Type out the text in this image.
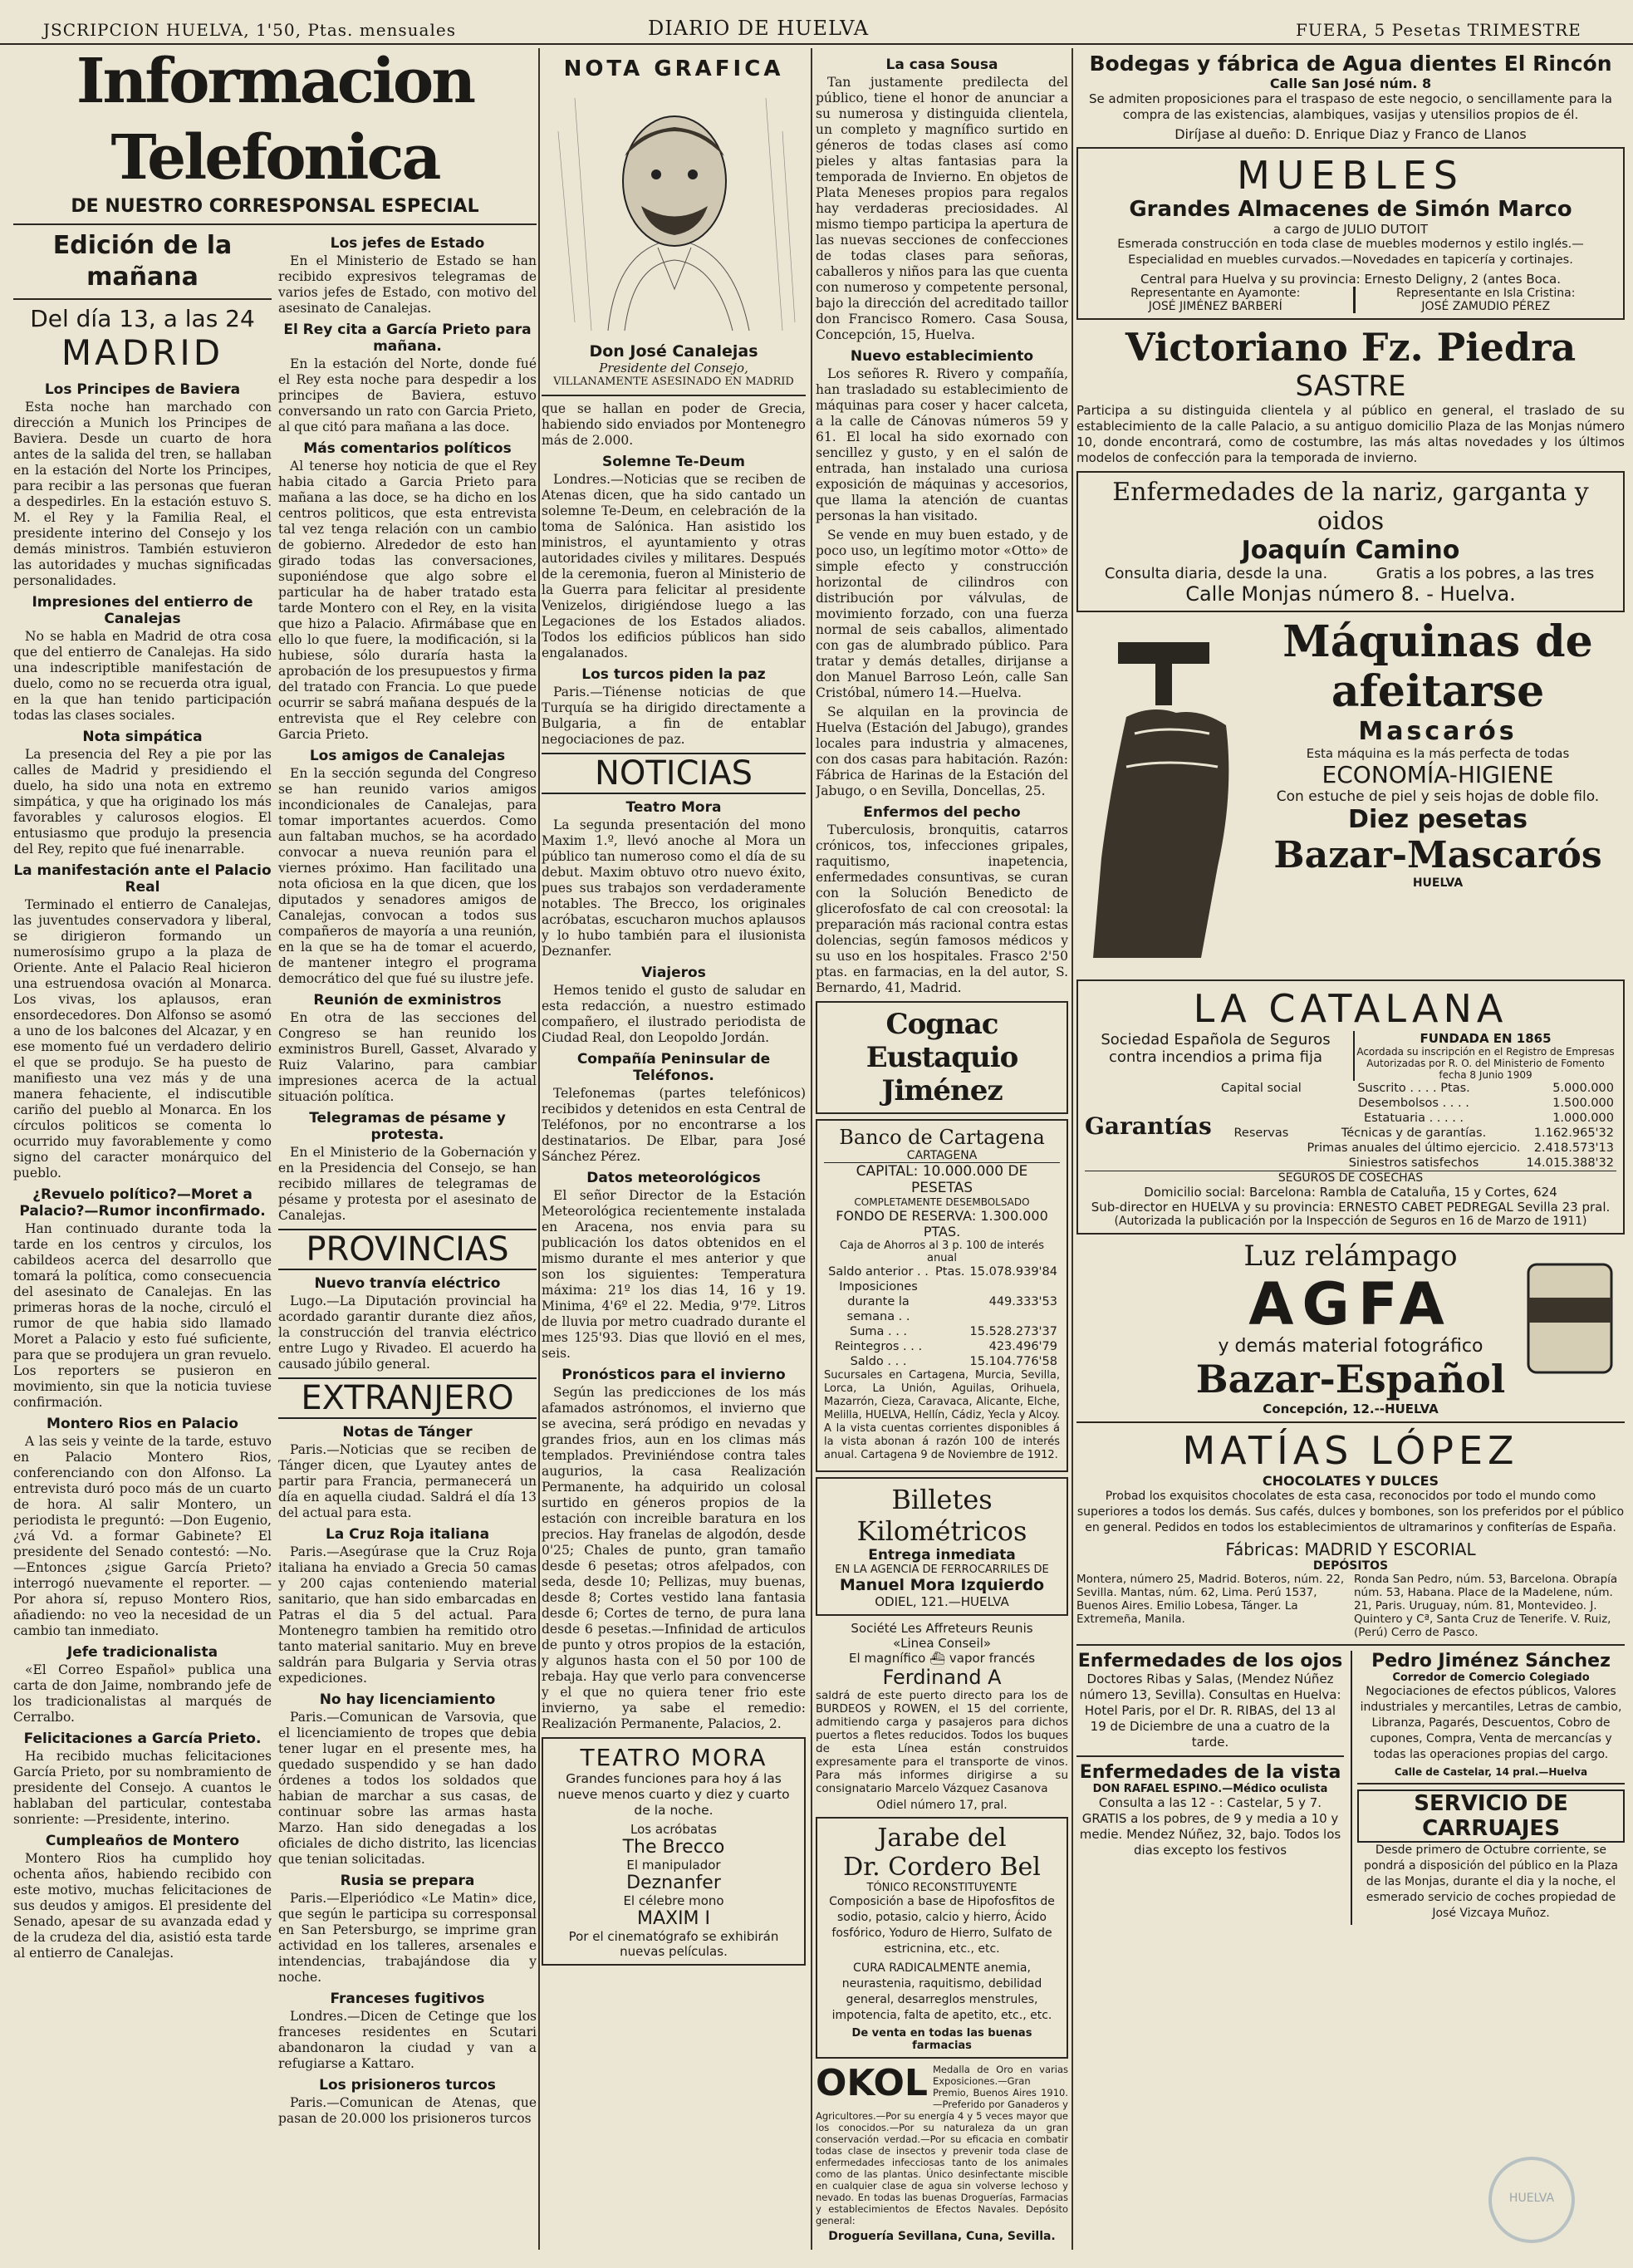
JSCRIPCION HUELVA, 1'50, Ptas. mensuales	DIARIO DE HUELVA	FUERA, 5 Pesetas TRIMESTRE
Informacion Telefonica
DE NUESTRO CORRESPONSAL ESPECIAL
Edición de la mañana
Del día 13, a las 24
MADRID
Los Principes de Baviera

Esta noche han marchado con dirección a Munich los Principes de Baviera. Desde un cuarto de hora antes de la salida del tren, se hallaban en la estación del Norte los Principes, para recibir a las personas que fueran a despedirles. En la estación estuvo S. M. el Rey y la Familia Real, el presidente interino del Consejo y los demás ministros. También estuvieron las autoridades y muchas significadas personalidades.

Impresiones del entierro de Canalejas

No se habla en Madrid de otra cosa que del entierro de Canalejas. Ha sido una indescriptible manifestación de duelo, como no se recuerda otra igual, en la que han tenido participación todas las clases sociales.

Nota simpática

La presencia del Rey a pie por las calles de Madrid y presidiendo el duelo, ha sido una nota en extremo simpática, y que ha originado los más favorables y calurosos elogios. El entusiasmo que produjo la presencia del Rey, repito que fué inenarrable.

La manifestación ante el Palacio Real

Terminado el entierro de Canalejas, las juventudes conservadora y liberal, se dirigieron formando un numerosísimo grupo a la plaza de Oriente. Ante el Palacio Real hicieron una estruendosa ovación al Monarca. Los vivas, los aplausos, eran ensordecedores. Don Alfonso se asomó a uno de los balcones del Alcazar, y en ese momento fué un verdadero delirio el que se produjo. Se ha puesto de manifiesto una vez más y de una manera fehaciente, el indiscutible cariño del pueblo al Monarca. En los círculos politicos se comenta lo ocurrido muy favorablemente y como signo del caracter monárquico del pueblo.

¿Revuelo político?—Moret a Palacio?—Rumor inconfirmado.

Han continuado durante toda la tarde en los centros y circulos, los cabildeos acerca del desarrollo que tomará la política, como consecuencia del asesinato de Canalejas. En las primeras horas de la noche, circuló el rumor de que habia sido llamado Moret a Palacio y esto fué suficiente, para que se produjera un gran revuelo. Los reporters se pusieron en movimiento, sin que la noticia tuviese confirmación.

Montero Rios en Palacio

A las seis y veinte de la tarde, estuvo en Palacio Montero Rios, conferenciando con don Alfonso. La entrevista duró poco más de un cuarto de hora. Al salir Montero, un periodista le preguntó: —Don Eugenio, ¿vá Vd. a formar Gabinete? El presidente del Senado contestó: —No. —Entonces ¿sigue García Prieto? interrogó nuevamente el reporter. —Por ahora sí, repuso Montero Rios, añadiendo: no veo la necesidad de un cambio tan inmediato.

Jefe tradicionalista

«El Correo Español» publica una carta de don Jaime, nombrando jefe de los tradicionalistas al marqués de Cerralbo.

Felicitaciones a García Prieto.

Ha recibido muchas felicitaciones García Prieto, por su nombramiento de presidente del Consejo. A cuantos le hablaban del particular, contestaba sonriente: —Presidente, interino.

Cumpleaños de Montero

Montero Rios ha cumplido hoy ochenta años, habiendo recibido con este motivo, muchas felicitaciones de sus deudos y amigos. El presidente del Senado, apesar de su avanzada edad y de la crudeza del dia, asistió esta tarde al entierro de Canalejas.

Los jefes de Estado

En el Ministerio de Estado se han recibido expresivos telegramas de varios jefes de Estado, con motivo del asesinato de Canalejas.

El Rey cita a García Prieto para mañana.

En la estación del Norte, donde fué el Rey esta noche para despedir a los principes de Baviera, estuvo conversando un rato con Garcia Prieto, al que citó para mañana a las doce.

Más comentarios políticos

Al tenerse hoy noticia de que el Rey habia citado a Garcia Prieto para mañana a las doce, se ha dicho en los centros politicos, que esta entrevista tal vez tenga relación con un cambio de gobierno. Alrededor de esto han girado todas las conversaciones, suponiéndose que algo sobre el particular ha de haber tratado esta tarde Montero con el Rey, en la visita que hizo a Palacio. Afirmábase que en ello lo que fuere, la modificación, si la hubiese, sólo duraría hasta la aprobación de los presupuestos y firma del tratado con Francia. Lo que puede ocurrir se sabrá mañana después de la entrevista que el Rey celebre con Garcia Prieto.

Los amigos de Canalejas

En la sección segunda del Congreso se han reunido varios amigos incondicionales de Canalejas, para tomar importantes acuerdos. Como aun faltaban muchos, se ha acordado convocar a nueva reunión para el viernes próximo. Han facilitado una nota oficiosa en la que dicen, que los diputados y senadores amigos de Canalejas, convocan a todos sus compañeros de mayoría a una reunión, en la que se ha de tomar el acuerdo, de mantener integro el programa democrático del que fué su ilustre jefe.

Reunión de exministros

En otra de las secciones del Congreso se han reunido los exministros Burell, Gasset, Alvarado y Ruiz Valarino, para cambiar impresiones acerca de la actual situación política.

Telegramas de pésame y protesta.

En el Ministerio de la Gobernación y en la Presidencia del Consejo, se han recibido millares de telegramas de pésame y protesta por el asesinato de Canalejas.

PROVINCIAS
Nuevo tranvía eléctrico

Lugo.—La Diputación provincial ha acordado garantir durante diez años, la construcción del tranvia eléctrico entre Lugo y Rivadeo. El acuerdo ha causado júbilo general.

EXTRANJERO
Notas de Tánger

Paris.—Noticias que se reciben de Tánger dicen, que Lyautey antes de partir para Francia, permanecerá un día en aquella ciudad. Saldrá el día 13 del actual para esta.

La Cruz Roja italiana

Paris.—Asegúrase que la Cruz Roja italiana ha enviado a Grecia 50 camas y 200 cajas conteniendo material sanitario, que han sido embarcadas en Patras el dia 5 del actual. Para Montenegro tambien ha remitido otro tanto material sanitario. Muy en breve saldrán para Bulgaria y Servia otras expediciones.

No hay licenciamiento

Paris.—Comunican de Varsovia, que el licenciamiento de tropes que debia tener lugar en el presente mes, ha quedado suspendido y se han dado órdenes a todos los soldados que habian de marchar a sus casas, de continuar sobre las armas hasta Marzo. Han sido denegadas a los oficiales de dicho distrito, las licencias que tenian solicitadas.

Rusia se prepara

Paris.—Elperiódico «Le Matin» dice, que según le participa su corresponsal en San Petersburgo, se imprime gran actividad en los talleres, arsenales e intendencias, trabajándose dia y noche.

Franceses fugitivos

Londres.—Dicen de Cetinge que los franceses residentes en Scutari abandonaron la ciudad y van a refugiarse a Kattaro.

Los prisioneros turcos

Paris.—Comunican de Atenas, que pasan de 20.000 los prisioneros turcos

NOTA GRAFICA
Don José Canalejas
Presidente del Consejo,
VILLANAMENTE ASESINADO EN MADRID

que se hallan en poder de Grecia, habiendo sido enviados por Montenegro más de 2.000.

Solemne Te-Deum

Londres.—Noticias que se reciben de Atenas dicen, que ha sido cantado un solemne Te-Deum, en celebración de la toma de Salónica. Han asistido los ministros, el ayuntamiento y otras autoridades civiles y militares. Después de la ceremonia, fueron al Ministerio de la Guerra para felicitar al presidente Venizelos, dirigiéndose luego a las Legaciones de los Estados aliados. Todos los edificios públicos han sido engalanados.

Los turcos piden la paz

Paris.—Tiénense noticias de que Turquía se ha dirigido directamente a Bulgaria, a fin de entablar negociaciones de paz.

NOTICIAS
Teatro Mora

La segunda presentación del mono Maxim 1.º, llevó anoche al Mora un público tan numeroso como el día de su debut. Maxim obtuvo otro nuevo éxito, pues sus trabajos son verdaderamente notables. The Brecco, los originales acróbatas, escucharon muchos aplausos y lo hubo también para el ilusionista Deznanfer.

Viajeros

Hemos tenido el gusto de saludar en esta redacción, a nuestro estimado compañero, el ilustrado periodista de Ciudad Real, don Leopoldo Jordán.

Compañía Peninsular de Teléfonos.

Telefonemas (partes telefónicos) recibidos y detenidos en esta Central de Teléfonos, por no encontrarse a los destinatarios. De Elbar, para José Sánchez Pérez.

Datos meteorológicos

El señor Director de la Estación Meteorológica recientemente instalada en Aracena, nos envia para su publicación los datos obtenidos en el mismo durante el mes anterior y que son los siguientes: Temperatura máxima: 21º los dias 14, 16 y 19. Minima, 4'6º el 22. Media, 9'7º. Litros de lluvia por metro cuadrado durante el mes 125'93. Dias que llovió en el mes, seis.

Pronósticos para el invierno

Según las predicciones de los más afamados astrónomos, el invierno que se avecina, será pródigo en nevadas y grandes frios, aun en los climas más templados. Previniéndose contra tales augurios, la casa Realización Permanente, ha adquirido un colosal surtido en géneros propios de la estación con increible baratura en los precios. Hay franelas de algodón, desde 0'25; Chales de punto, gran tamaño desde 6 pesetas; otros afelpados, con seda, desde 10; Pellizas, muy buenas, desde 8; Cortes vestido lana fantasia desde 6; Cortes de terno, de pura lana desde 6 pesetas.—Infinidad de articulos de punto y otros propios de la estación, y algunos hasta con el 50 por 100 de rebaja. Hay que verlo para convencerse y el que no quiera tener frio este invierno, ya sabe el remedio: Realización Permanente, Palacios, 2.

TEATRO MORA

Grandes funciones para hoy á las nueve menos cuarto y diez y cuarto de la noche.

Los acróbatas
The Brecco
El manipulador
Deznanfer
El célebre mono
MAXIM I
Por el cinematógrafo se exhibirán nuevas películas.
La casa Sousa

Tan justamente predilecta del público, tiene el honor de anunciar a su numerosa y distinguida clientela, un completo y magnífico surtido en géneros de todas clases así como pieles y altas fantasias para la temporada de Invierno. En objetos de Plata Meneses propios para regalos hay verdaderas preciosidades. Al mismo tiempo participa la apertura de las nuevas secciones de confecciones de todas clases para señoras, caballeros y niños para las que cuenta con numeroso y competente personal, bajo la dirección del acreditado taillor don Francisco Romero. Casa Sousa, Concepción, 15, Huelva.

Nuevo establecimiento

Los señores R. Rivero y compañía, han trasladado su establecimiento de máquinas para coser y hacer calceta, a la calle de Cánovas números 59 y 61. El local ha sido exornado con sencillez y gusto, y en el salón de entrada, han instalado una curiosa exposición de máquinas y accesorios, que llama la atención de cuantas personas la han visitado.

Se vende en muy buen estado, y de poco uso, un legítimo motor «Otto» de simple efecto y construcción horizontal de cilindros con distribución por válvulas, de movimiento forzado, con una fuerza normal de seis caballos, alimentado con gas de alumbrado público. Para tratar y demás detalles, dirijanse a don Manuel Barroso León, calle San Cristóbal, número 14.—Huelva.

Se alquilan en la provincia de Huelva (Estación del Jabugo), grandes locales para industria y almacenes, con dos casas para habitación. Razón: Fábrica de Harinas de la Estación del Jabugo, o en Sevilla, Doncellas, 25.

Enfermos del pecho

Tuberculosis, bronquitis, catarros crónicos, tos, infecciones gripales, raquitismo, inapetencia, enfermedades consuntivas, se curan con la Solución Benedicto de glicerofosfato de cal con creosotal: la preparación más racional contra estas dolencias, según famosos médicos y su uso en los hospitales. Frasco 2'50 ptas. en farmacias, en la del autor, S. Bernardo, 41, Madrid.

Cognac Eustaquio Jiménez
Banco de Cartagena
CARTAGENA
CAPITAL: 10.000.000 DE PESETAS
COMPLETAMENTE DESEMBOLSADO
FONDO DE RESERVA: 1.300.000 PTAS.
Caja de Ahorros al 3 p. 100 de interés anual
Saldo anterior . .	Ptas.	15.078.939'84
Imposiciones durante la semana . .		449.333'53
Suma . . .		15.528.273'37
Reintegros . . .		423.496'79
Saldo . . .		15.104.776'58

Sucursales en Cartagena, Murcia, Sevilla, Lorca, La Unión, Aguilas, Orihuela, Mazarrón, Cieza, Caravaca, Alicante, Elche, Melilla, HUELVA, Hellín, Cádiz, Yecla y Alcoy. A la vista cuentas corrientes disponibles á la vista abonan á razón 100 de interés anual. Cartagena 9 de Noviembre de 1912.

Billetes Kilométricos
Entrega inmediata
EN LA AGENCIA DE FERROCARRILES DE
Manuel Mora Izquierdo
ODIEL, 121.—HUELVA
Société Les Affreteurs Reunis
«Linea Conseil»
El magnífico ⛴ vapor francés
Ferdinand A

saldrá de este puerto directo para los de BURDEOS y ROWEN, el 15 del corriente, admitiendo carga y pasajeros para dichos puertos a fletes reducidos. Todos los buques de esta Línea están construidos expresamente para el transporte de vinos. Para más informes dirigirse a su consignatario Marcelo Vázquez Casanova

Odiel número 17, pral.
Jarabe del
Dr. Cordero Bel
TÓNICO RECONSTITUYENTE

Composición a base de Hipofosfitos de sodio, potasio, calcio y hierro, Ácido fosfórico, Yoduro de Hierro, Sulfato de estricnina, etc., etc.

CURA RADICALMENTE anemia, neurastenia, raquitismo, debilidad general, desarreglos menstrules, impotencia, falta de apetito, etc., etc.

De venta en todas las buenas farmacias
OKOL Medalla de Oro en varias Exposiciones.—Gran Premio, Buenos Aires 1910.—Preferido por Ganaderos y Agricultores.—Por su energía 4 y 5 veces mayor que los conocidos.—Por su naturaleza da un gran conservación verdad.—Por su eficacia en combatir todas clase de insectos y prevenir toda clase de enfermedades infecciosas tanto de los animales como de las plantas. Único desinfectante miscible en cualquier clase de agua sin volverse lechoso y nevado. En todas las buenas Droguerías, Farmacias y establecimientos de Efectos Navales. Depósito general:

Droguería Sevillana, Cuna, Sevilla.
Bodegas y fábrica de Agua dientes El Rincón
Calle San José núm. 8

Se admiten proposiciones para el traspaso de este negocio, o sencillamente para la compra de las existencias, alambiques, vasijas y utensilios propios de él.

Diríjase al dueño: D. Enrique Diaz y Franco de Llanos
MUEBLES
Grandes Almacenes de Simón Marco
a cargo de JULIO DUTOIT

Esmerada construcción en toda clase de muebles modernos y estilo inglés.—Especialidad en muebles curvados.—Novedades en tapicería y cortinajes.

Central para Huelva y su provincia: Ernesto Deligny, 2 (antes Boca.
Representante en Ayamonte:
JOSÉ JIMÉNEZ BARBERÍ
Representante en Isla Cristina:
JOSÉ ZAMUDIO PÉREZ
Victoriano Fz. Piedra
SASTRE

Participa a su distinguida clientela y al público en general, el traslado de su establecimiento de la calle Palacio, a su antiguo domicilio Plaza de las Monjas número 10, donde encontrará, como de costumbre, las más altas novedades y los últimos modelos de confección para la temporada de invierno.

Enfermedades de la nariz, garganta y oidos
Joaquín Camino
Consulta diaria, desde la una.	Gratis a los pobres, a las tres
Calle Monjas número 8. - Huelva.
Máquinas de afeitarse
Mascarós
Esta máquina es la más perfecta de todas
ECONOMÍA-HIGIENE
Con estuche de piel y seis hojas de doble filo.
Diez pesetas
Bazar-Mascarós
HUELVA
LA CATALANA
Sociedad Española de Seguros contra incendios a prima fija
FUNDADA EN 1865
Acordada su inscripción en el Registro de Empresas Autorizadas por R. O. del Ministerio de Fomento fecha 8 Junio 1909
Garantías
Capital social	Suscrito . . . . Ptas.	5.000.000
	Desembolsos . . . .	1.500.000
	Estatuaria . . . . .	1.000.000
Reservas	Técnicas y de garantías.	1.162.965'32
	Primas anuales del último ejercicio.	2.418.573'13
	Siniestros satisfechos	14.015.388'32
SEGUROS DE COSECHAS
Domicilio social: Barcelona: Rambla de Cataluña, 15 y Cortes, 624
Sub-director en HUELVA y su provincia: ERNESTO CABET PEDREGAL Sevilla 23 pral.
(Autorizada la publicación por la Inspección de Seguros en 16 de Marzo de 1911)
Luz relámpago
AGFA
y demás material fotográfico
Bazar-Español
Concepción, 12.--HUELVA
MATÍAS LÓPEZ
CHOCOLATES Y DULCES

Probad los exquisitos chocolates de esta casa, reconocidos por todo el mundo como superiores a todos los demás. Sus cafés, dulces y bombones, son los preferidos por el público en general. Pedidos en todos los establecimientos de ultramarinos y confiterías de España.

Fábricas: MADRID Y ESCORIAL
DEPÓSITOS
Montera, número 25, Madrid. Boteros, núm. 22, Sevilla. Mantas, núm. 62, Lima. Perú 1537, Buenos Aires. Emilio Lobesa, Tánger. La Extremeña, Manila.
Ronda San Pedro, núm. 53, Barcelona. Obrapía núm. 53, Habana. Place de la Madelene, núm. 21, Paris. Uruguay, núm. 81, Montevideo. J. Quintero y Cª, Santa Cruz de Tenerife. V. Ruiz, (Perú) Cerro de Pasco.
Enfermedades de los ojos

Doctores Ribas y Salas, (Mendez Núñez número 13, Sevilla). Consultas en Huelva: Hotel Paris, por el Dr. R. RIBAS, del 13 al 19 de Diciembre de una a cuatro de la tarde.

Enfermedades de la vista
DON RAFAEL ESPINO.—Médico oculista

Consulta a las 12 - : Castelar, 5 y 7. GRATIS a los pobres, de 9 y media a 10 y medie. Mendez Núñez, 32, bajo. Todos los dias excepto los festivos

Pedro Jiménez Sánchez
Corredor de Comercio Colegiado

Negociaciones de efectos públicos, Valores industriales y mercantiles, Letras de cambio, Libranza, Pagarés, Descuentos, Cobro de cupones, Compra, Venta de mercancías y todas las operaciones propias del cargo.

Calle de Castelar, 14 pral.—Huelva
SERVICIO DE CARRUAJES

Desde primero de Octubre corriente, se pondrá a disposición del público en la Plaza de las Monjas, durante el dia y la noche, el esmerado servicio de coches propiedad de José Vizcaya Muñoz.

HUELVA
